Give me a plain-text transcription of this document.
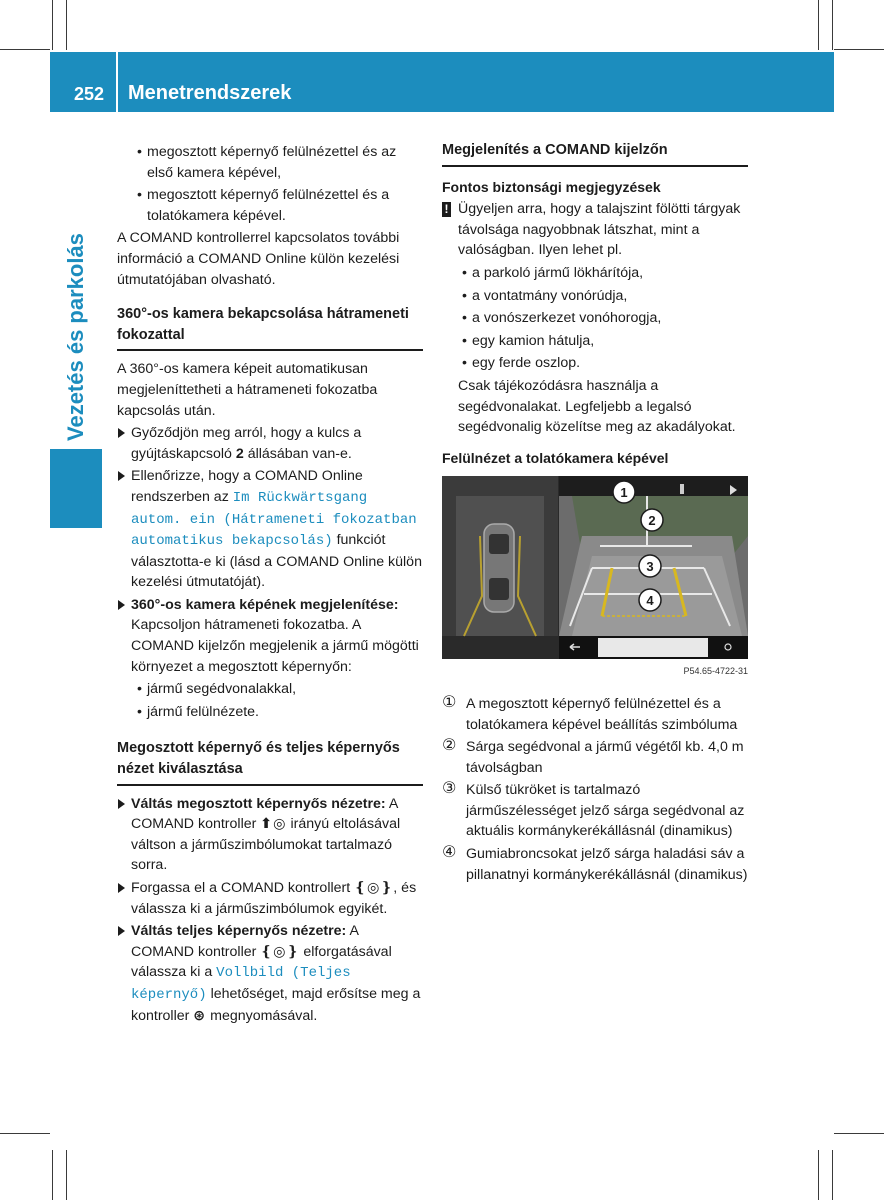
252 Menetrendszerek
Vezetés és parkolás

• megosztott képernyő felülnézettel és az első kamera képével,

• megosztott képernyő felülnézettel és a tolatókamera képével.

A COMAND kontrollerrel kapcsolatos további információ a COMAND Online külön kezelési útmutatójában olvasható.

360°-os kamera bekapcsolása hátrameneti fokozattal

A 360°-os kamera képeit automatikusan megjeleníttetheti a hátrameneti fokozatba kapcsolás után.

Győződjön meg arról, hogy a kulcs a gyújtáskapcsoló 2 állásában van-e.

Ellenőrizze, hogy a COMAND Online rendszerben az Im Rückwärtsgang autom. ein (Hátrameneti fokozatban automatikus bekapcsolás) funkciót választotta-e ki (lásd a COMAND Online külön kezelési útmutatóját).

360°-os kamera képének megjelenítése: Kapcsoljon hátrameneti fokozatba. A COMAND kijelzőn megjelenik a jármű mögötti környezet a megosztott képernyőn:

• jármű segédvonalakkal,

• jármű felülnézete.

Megosztott képernyő és teljes képernyős nézet kiválasztása

Váltás megosztott képernyős nézetre: A COMAND kontroller ⬆◎ irányú eltolásával váltson a járműszimbólumokat tartalmazó sorra.

Forgassa el a COMAND kontrollert ❴◎❵, és válassza ki a járműszimbólumok egyikét.

Váltás teljes képernyős nézetre: A COMAND kontroller ❴◎❵ elforgatásával válassza ki a Vollbild (Teljes képernyő) lehetőséget, majd erősítse meg a kontroller ⊛ megnyomásával.

Megjelenítés a COMAND kijelzőn
Fontos biztonsági megjegyzések

! Ügyeljen arra, hogy a talajszint fölötti tárgyak távolsága nagyobbnak látszhat, mint a valóságban. Ilyen lehet pl.

• a parkoló jármű lökhárítója,

• a vontatmány vonórúdja,

• a vonószerkezet vonóhorogja,

• egy kamion hátulja,

• egy ferde oszlop.

Csak tájékozódásra használja a segédvonalakat. Legfeljebb a legalsó segédvonalig közelítse meg az akadályokat.

Felülnézet a tolatókamera képével
1
2
3
4

P54.65-4722-31

① A megosztott képernyő felülnézettel és a tolatókamera képével beállítás szimbóluma

② Sárga segédvonal a jármű végétől kb. 4,0 m távolságban

③ Külső tükröket is tartalmazó járműszélességet jelző sárga segédvonal az aktuális kormánykerékállásnál (dinamikus)

④ Gumiabroncsokat jelző sárga haladási sáv a pillanatnyi kormánykerékállásnál (dinamikus)
